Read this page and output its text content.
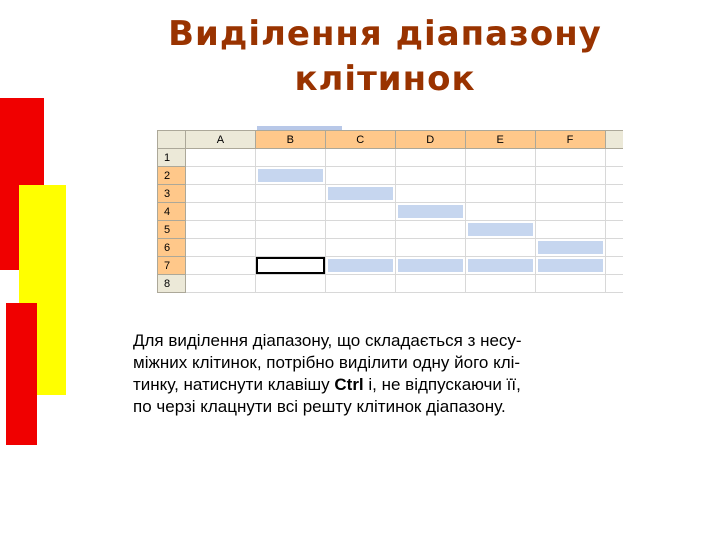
Виділення діапазону
клітинок
	A	B	C	D	E	F	
1							
2							
3							
4							
5							
6							
7							
8							

Для виділення діапазону, що складається з несу-

міжних клітинок, потрібно виділити одну його клі-

тинку, натиснути клавішу Ctrl і, не відпускаючи її,

по черзі клацнути всі решту клітинок діапазону.
